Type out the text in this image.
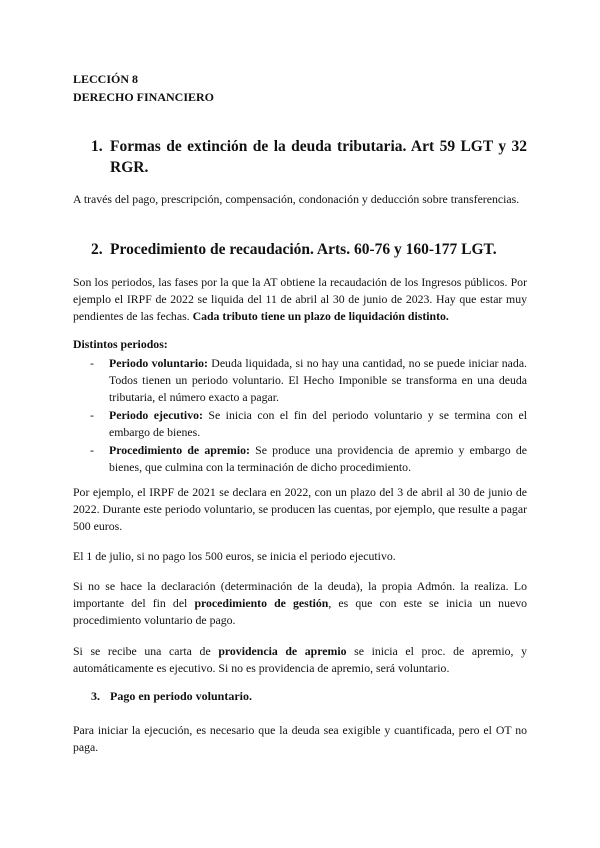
LECCIÓN 8
DERECHO FINANCIERO
1. Formas de extinción de la deuda tributaria. Art 59 LGT y 32 RGR.
A través del pago, prescripción, compensación, condonación y deducción sobre transferencias.
2. Procedimiento de recaudación. Arts. 60-76 y 160-177 LGT.
Son los periodos, las fases por la que la AT obtiene la recaudación de los Ingresos públicos. Por ejemplo el IRPF de 2022 se liquida del 11 de abril al 30 de junio de 2023. Hay que estar muy pendientes de las fechas. Cada tributo tiene un plazo de liquidación distinto.
Distintos periodos:
- Periodo voluntario: Deuda liquidada, si no hay una cantidad, no se puede iniciar nada. Todos tienen un periodo voluntario. El Hecho Imponible se transforma en una deuda tributaria, el número exacto a pagar.
- Periodo ejecutivo: Se inicia con el fin del periodo voluntario y se termina con el embargo de bienes.
- Procedimiento de apremio: Se produce una providencia de apremio y embargo de bienes, que culmina con la terminación de dicho procedimiento.
Por ejemplo, el IRPF de 2021 se declara en 2022, con un plazo del 3 de abril al 30 de junio de 2022. Durante este periodo voluntario, se producen las cuentas, por ejemplo, que resulte a pagar 500 euros.
El 1 de julio, si no pago los 500 euros, se inicia el periodo ejecutivo.
Si no se hace la declaración (determinación de la deuda), la propia Admón. la realiza. Lo importante del fin del procedimiento de gestión, es que con este se inicia un nuevo procedimiento voluntario de pago.
Si se recibe una carta de providencia de apremio se inicia el proc. de apremio, y automáticamente es ejecutivo. Si no es providencia de apremio, será voluntario.
3. Pago en periodo voluntario.
Para iniciar la ejecución, es necesario que la deuda sea exigible y cuantificada, pero el OT no paga.
